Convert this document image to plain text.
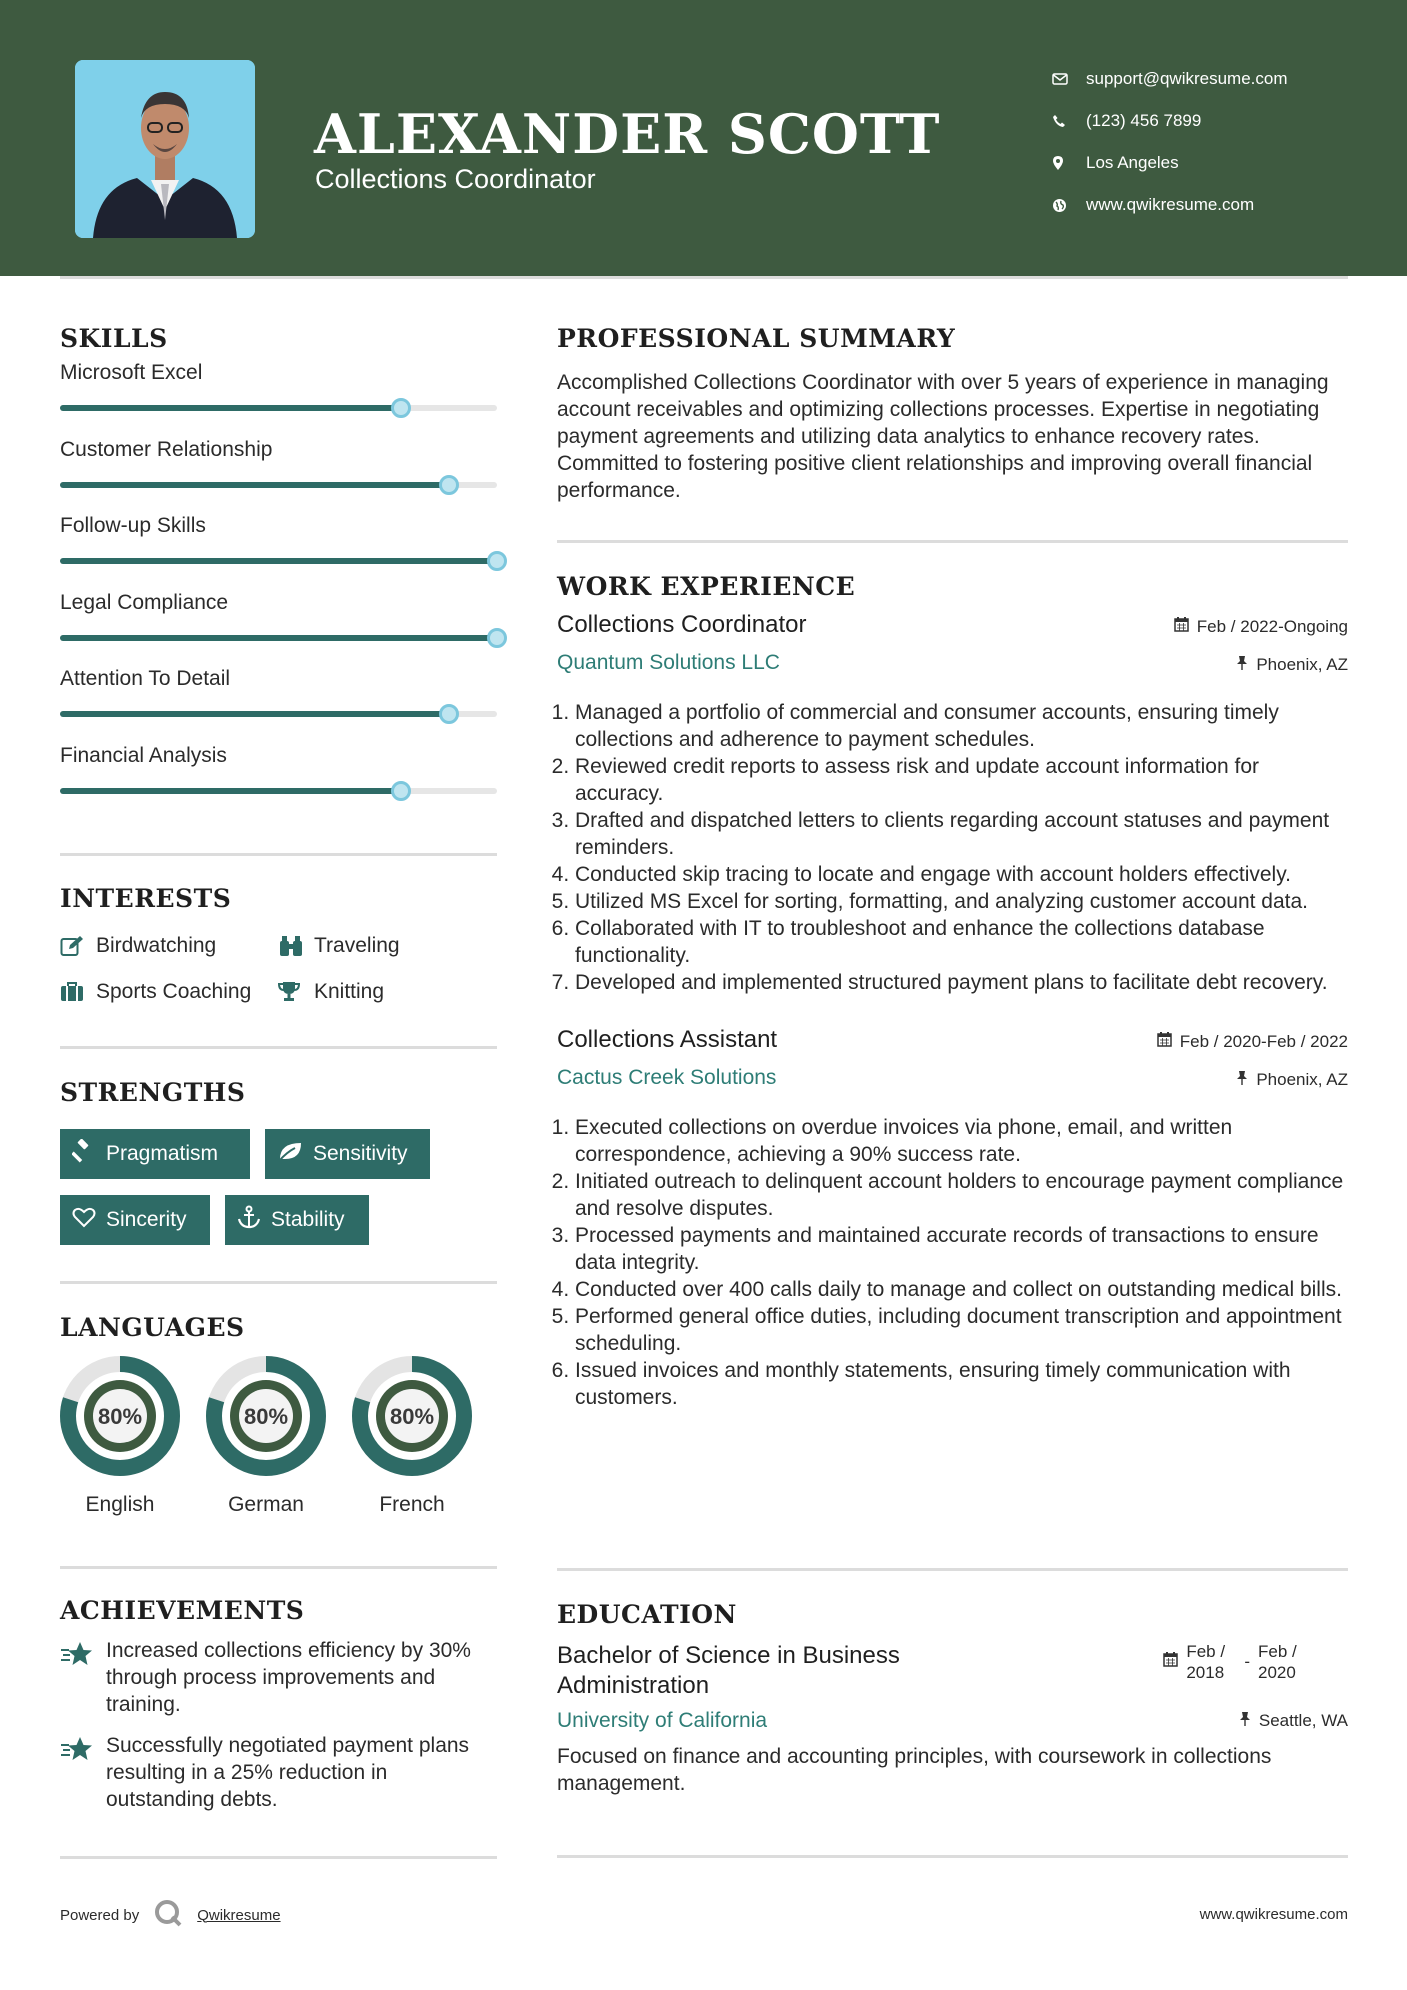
ALEXANDER SCOTT
Collections Coordinator
support@qwikresume.com
(123) 456 7899
Los Angeles
www.qwikresume.com
SKILLS
Microsoft Excel
Customer Relationship
Follow-up Skills
Legal Compliance
Attention To Detail
Financial Analysis
INTERESTS
Birdwatching	Traveling
Sports Coaching	Knitting
STRENGTHS
Pragmatism	Sensitivity
Sincerity	Stability
LANGUAGES
80%
English
80%
German
80%
French
ACHIEVEMENTS
Increased collections efficiency by 30% through process improvements and training.
Successfully negotiated payment plans resulting in a 25% reduction in outstanding debts.
PROFESSIONAL SUMMARY
Accomplished Collections Coordinator with over 5 years of experience in managing account receivables and optimizing collections processes. Expertise in negotiating payment agreements and utilizing data analytics to enhance recovery rates. Committed to fostering positive client relationships and improving overall financial performance.
WORK EXPERIENCE
Collections Coordinator	Feb / 2022-Ongoing
Quantum Solutions LLC	Phoenix, AZ
1. Managed a portfolio of commercial and consumer accounts, ensuring timely collections and adherence to payment schedules.
2. Reviewed credit reports to assess risk and update account information for accuracy.
3. Drafted and dispatched letters to clients regarding account statuses and payment reminders.
4. Conducted skip tracing to locate and engage with account holders effectively.
5. Utilized MS Excel for sorting, formatting, and analyzing customer account data.
6. Collaborated with IT to troubleshoot and enhance the collections database functionality.
7. Developed and implemented structured payment plans to facilitate debt recovery.
Collections Assistant	Feb / 2020-Feb / 2022
Cactus Creek Solutions	Phoenix, AZ
1. Executed collections on overdue invoices via phone, email, and written correspondence, achieving a 90% success rate.
2. Initiated outreach to delinquent account holders to encourage payment compliance and resolve disputes.
3. Processed payments and maintained accurate records of transactions to ensure data integrity.
4. Conducted over 400 calls daily to manage and collect on outstanding medical bills.
5. Performed general office duties, including document transcription and appointment scheduling.
6. Issued invoices and monthly statements, ensuring timely communication with customers.
EDUCATION
Bachelor of Science in Business Administration
Feb / 2018
-
Feb / 2020
University of California	Seattle, WA
Focused on finance and accounting principles, with coursework in collections management.
Powered by	Qwikresume	www.qwikresume.com
